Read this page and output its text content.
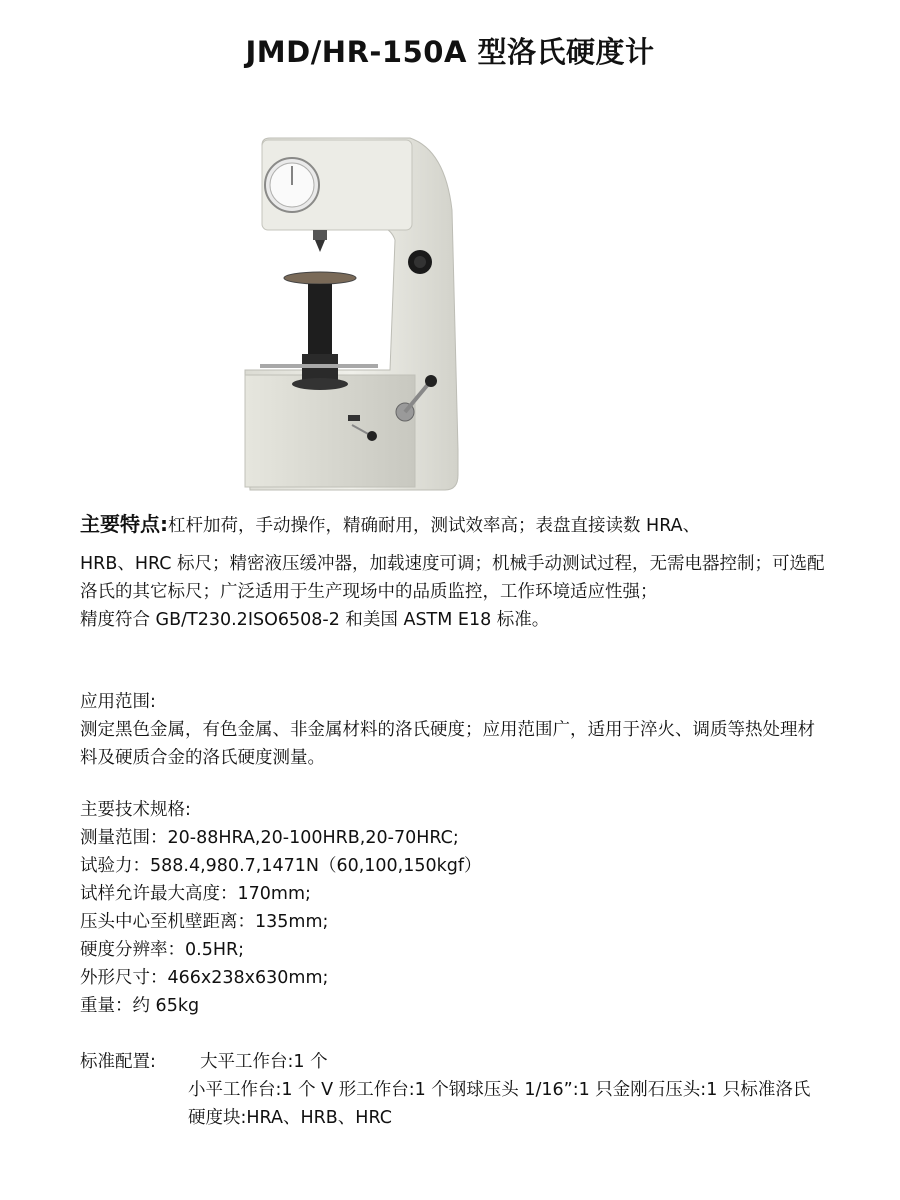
JMD/HR-150A 型洛氏硬度计
主要特点:杠杆加荷，手动操作，精确耐用，测试效率高；表盘直接读数 HRA、

HRB、HRC 标尺；精密液压缓冲器，加载速度可调；机械手动测试过程，无需电器控制；可选配洛氏的其它标尺；广泛适用于生产现场中的品质监控，工作环境适应性强；

精度符合 GB/T230.2ISO6508-2 和美国 ASTM E18 标准。

应用范围:

测定黑色金属，有色金属、非金属材料的洛氏硬度；应用范围广，适用于淬火、调质等热处理材料及硬质合金的洛氏硬度测量。

主要技术规格:

测量范围：20-88HRA,20-100HRB,20-70HRC;
试验力：588.4,980.7,1471N（60,100,150kgf）
试样允许最大高度：170mm;
压头中心至机壁距离：135mm;
硬度分辨率：0.5HR;
外形尺寸：466x238x630mm;
重量：约 65kg
标准配置:	大平工作台:1 个
小平工作台:1 个 V 形工作台:1 个钢球压头 1/16”:1 只金刚石压头:1 只标准洛氏硬度块:HRA、HRB、HRC
